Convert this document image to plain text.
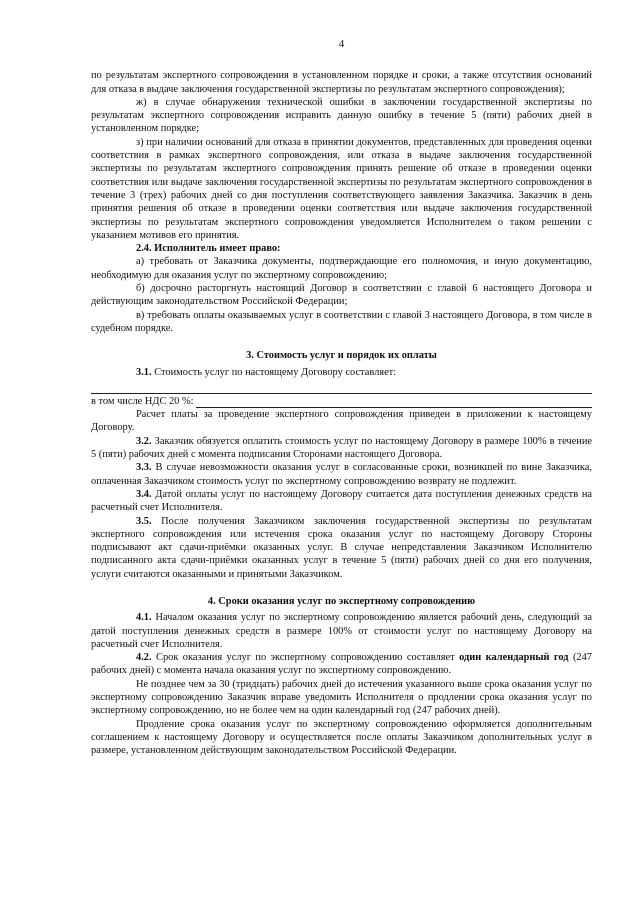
4

по результатам экспертного сопровождения в установленном порядке и сроки, а также отсутствия оснований для отказа в выдаче заключения государственной экспертизы по результатам экспертного сопровождения);

ж) в случае обнаружения технической ошибки в заключении государственной экспертизы по результатам экспертного сопровождения исправить данную ошибку в течение 5 (пяти) рабочих дней в установленном порядке;

з) при наличии оснований для отказа в принятии документов, представленных для проведения оценки соответствия в рамках экспертного сопровождения, или отказа в выдаче заключения государственной экспертизы по результатам экспертного сопровождения принять решение об отказе в проведении оценки соответствия или выдаче заключения государственной экспертизы по результатам экспертного сопровождения в течение 3 (трех) рабочих дней со дня поступления соответствующего заявления Заказчика. Заказчик в день принятия решения об отказе в проведении оценки соответствия или выдаче заключения государственной экспертизы по результатам экспертного сопровождения уведомляется Исполнителем о таком решении с указанием мотивов его принятия.

2.4. Исполнитель имеет право:

а) требовать от Заказчика документы, подтверждающие его полномочия, и иную документацию, необходимую для оказания услуг по экспертному сопровождению;

б) досрочно расторгнуть настоящий Договор в соответствии с главой 6 настоящего Договора и действующим законодательством Российской Федерации;

в) требовать оплаты оказываемых услуг в соответствии с главой 3 настоящего Договора, в том числе в судебном порядке.

3. Стоимость услуг и порядок их оплаты

3.1. Стоимость услуг по настоящему Договору составляет:

в том числе НДС 20 %:

Расчет платы за проведение экспертного сопровождения приведен в приложении к настоящему Договору.

3.2. Заказчик обязуется оплатить стоимость услуг по настоящему Договору в размере 100% в течение 5 (пяти) рабочих дней с момента подписания Сторонами настоящего Договора.

3.3. В случае невозможности оказания услуг в согласованные сроки, возникшей по вине Заказчика, оплаченная Заказчиком стоимость услуг по экспертному сопровождению возврату не подлежит.

3.4. Датой оплаты услуг по настоящему Договору считается дата поступления денежных средств на расчетный счет Исполнителя.

3.5. После получения Заказчиком заключения государственной экспертизы по результатам экспертного сопровождения или истечения срока оказания услуг по настоящему Договору Стороны подписывают акт сдачи-приёмки оказанных услуг. В случае непредставления Заказчиком Исполнителю подписанного акта сдачи-приёмки оказанных услуг в течение 5 (пяти) рабочих дней со дня его получения, услуги считаются оказанными и принятыми Заказчиком.

4. Сроки оказания услуг по экспертному сопровождению

4.1. Началом оказания услуг по экспертному сопровождению является рабочий день, следующий за датой поступления денежных средств в размере 100% от стоимости услуг по настоящему Договору на расчетный счет Исполнителя.

4.2. Срок оказания услуг по экспертному сопровождению составляет один календарный год (247 рабочих дней) с момента начала оказания услуг по экспертному сопровождению.

Не позднее чем за 30 (тридцать) рабочих дней до истечения указанного выше срока оказания услуг по экспертному сопровождению Заказчик вправе уведомить Исполнителя о продлении срока оказания услуг по экспертному сопровождению, но не более чем на один календарный год (247 рабочих дней).

Продление срока оказания услуг по экспертному сопровождению оформляется дополнительным соглашением к настоящему Договору и осуществляется после оплаты Заказчиком дополнительных услуг в размере, установленном действующим законодательством Российской Федерации.
